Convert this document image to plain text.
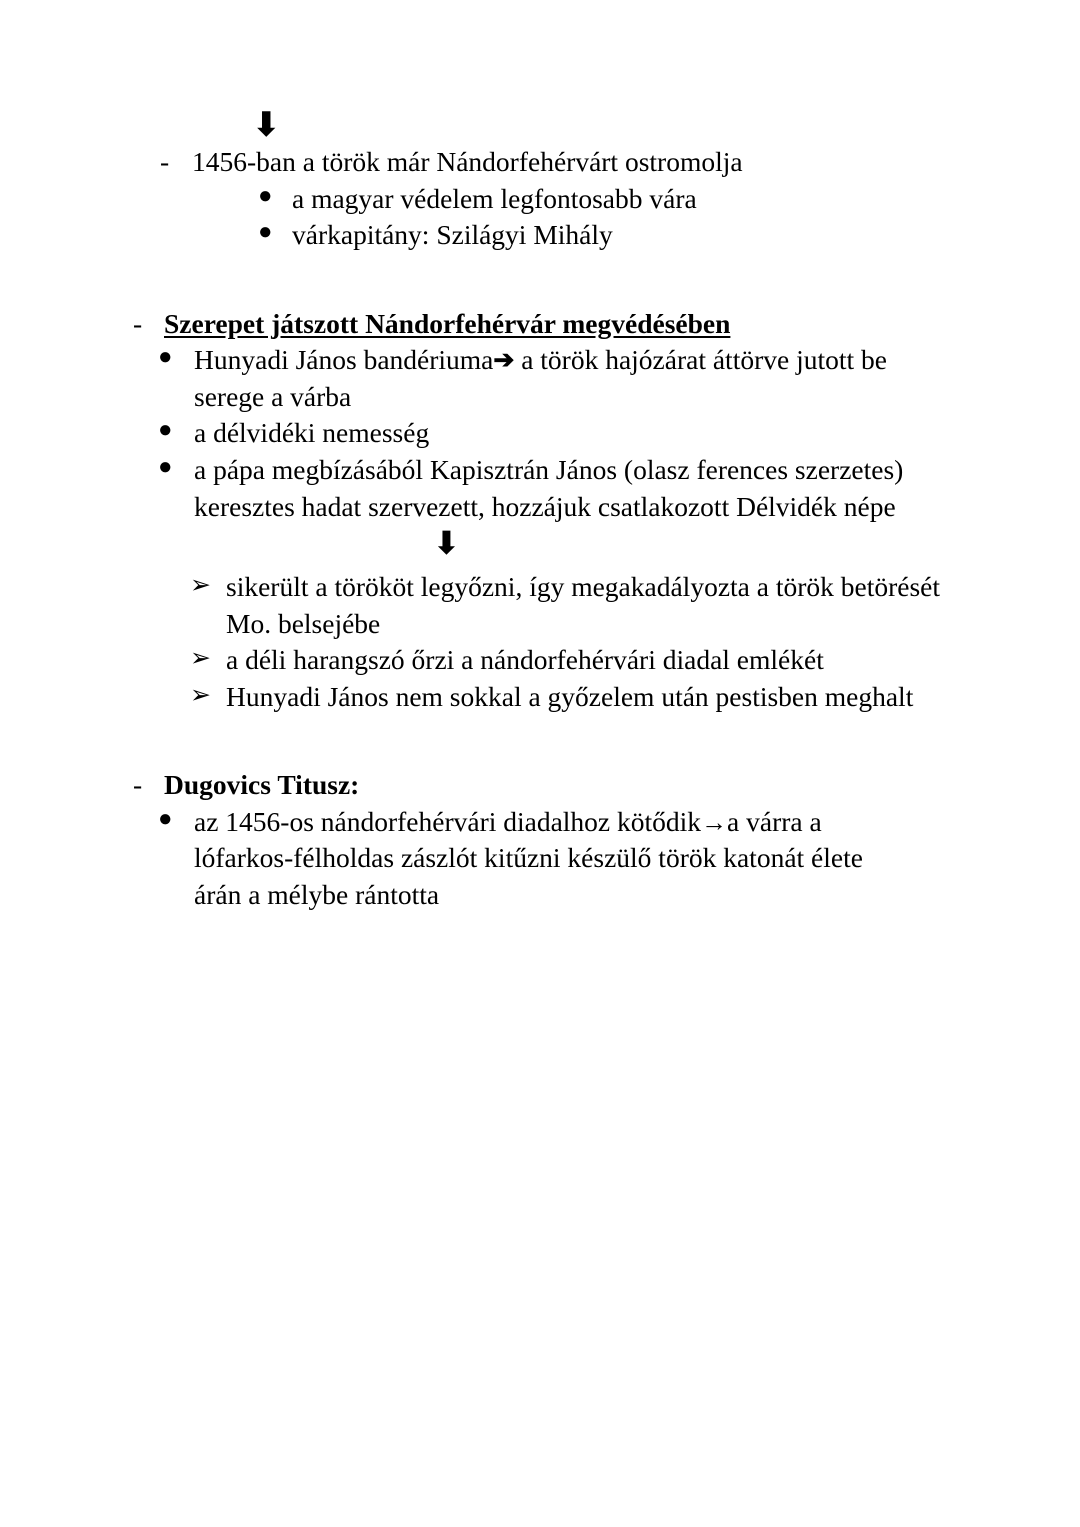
⬇
- 1456-ban a török már Nándorfehérvárt ostromolja
● a magyar védelem legfontosabb vára
● várkapitány: Szilágyi Mihály
- Szerepet játszott Nándorfehérvár megvédésében
● Hunyadi János bandériuma➔ a török hajózárat áttörve jutott be serege a várba
● a délvidéki nemesség
● a pápa megbízásából Kapisztrán János (olasz ferences szerzetes) keresztes hadat szervezett, hozzájuk csatlakozott Délvidék népe
⬇
➢ sikerült a törököt legyőzni, így megakadályozta a török betörését Mo. belsejébe
➢ a déli harangszó őrzi a nándorfehérvári diadal emlékét
➢ Hunyadi János nem sokkal a győzelem után pestisben meghalt
- Dugovics Titusz:
● az 1456-os nándorfehérvári diadalhoz kötődik→a várra a lófarkos-félholdas zászlót kitűzni készülő török katonát élete árán a mélybe rántotta
